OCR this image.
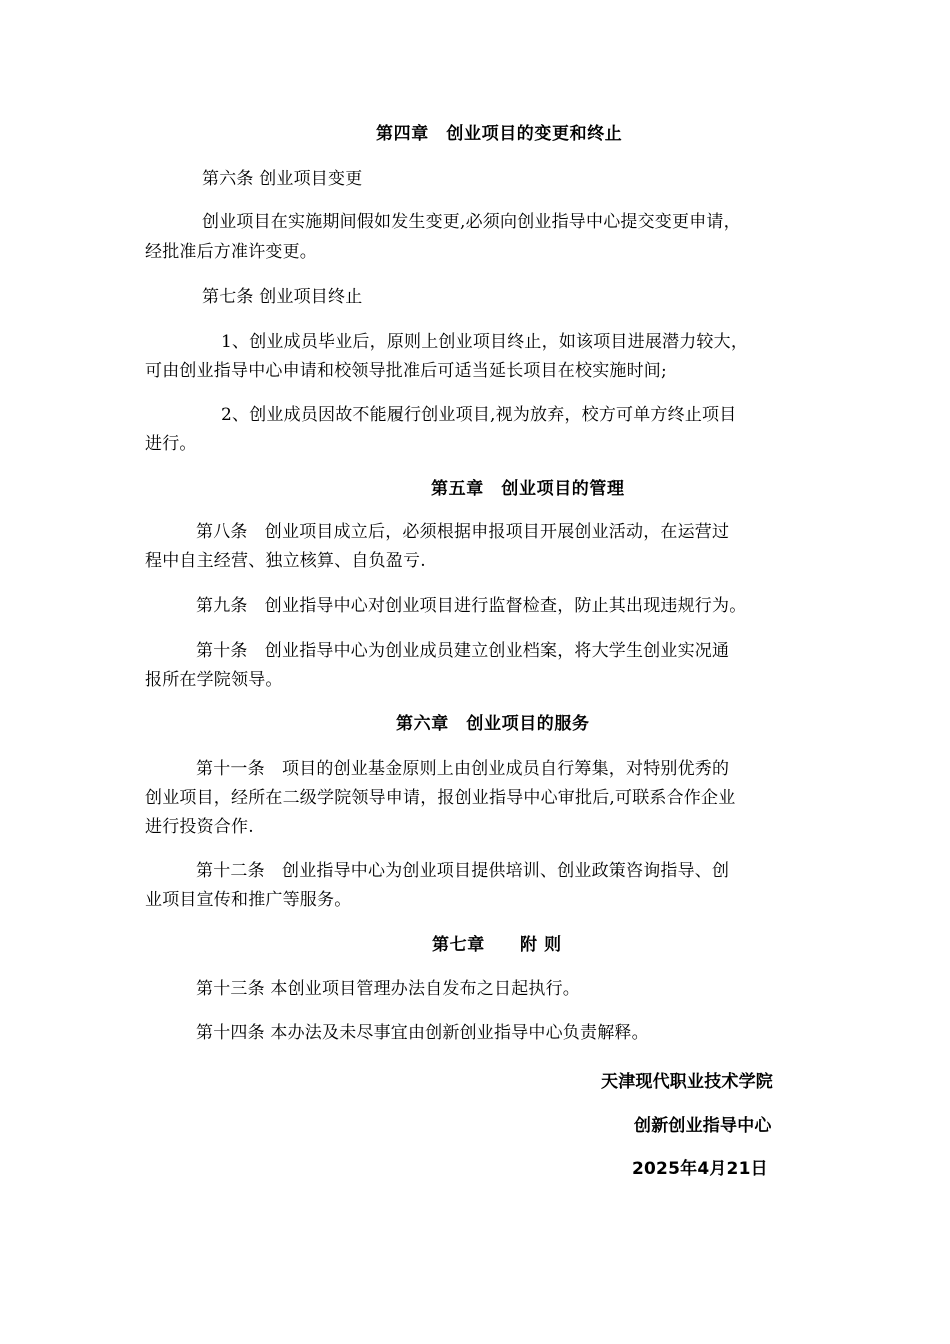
第四章　创业项目的变更和终止
第六条 创业项目变更
创业项目在实施期间假如发生变更,必须向创业指导中心提交变更申请，
经批准后方准许变更。
第七条 创业项目终止
1、创业成员毕业后，原则上创业项目终止，如该项目进展潜力较大，
可由创业指导中心申请和校领导批准后可适当延长项目在校实施时间;
2、创业成员因故不能履行创业项目,视为放弃，校方可单方终止项目
进行。
第五章　创业项目的管理
第八条　创业项目成立后，必须根据申报项目开展创业活动，在运营过
程中自主经营、独立核算、自负盈亏.
第九条　创业指导中心对创业项目进行监督检查，防止其出现违规行为。
第十条　创业指导中心为创业成员建立创业档案，将大学生创业实况通
报所在学院领导。
第六章　创业项目的服务
第十一条　项目的创业基金原则上由创业成员自行筹集，对特别优秀的
创业项目，经所在二级学院领导申请，报创业指导中心审批后,可联系合作企业
进行投资合作.
第十二条　创业指导中心为创业项目提供培训、创业政策咨询指导、创
业项目宣传和推广等服务。
第七章　　附 则
第十三条 本创业项目管理办法自发布之日起执行。
第十四条 本办法及未尽事宜由创新创业指导中心负责解释。
天津现代职业技术学院
创新创业指导中心
2025年4月21日
